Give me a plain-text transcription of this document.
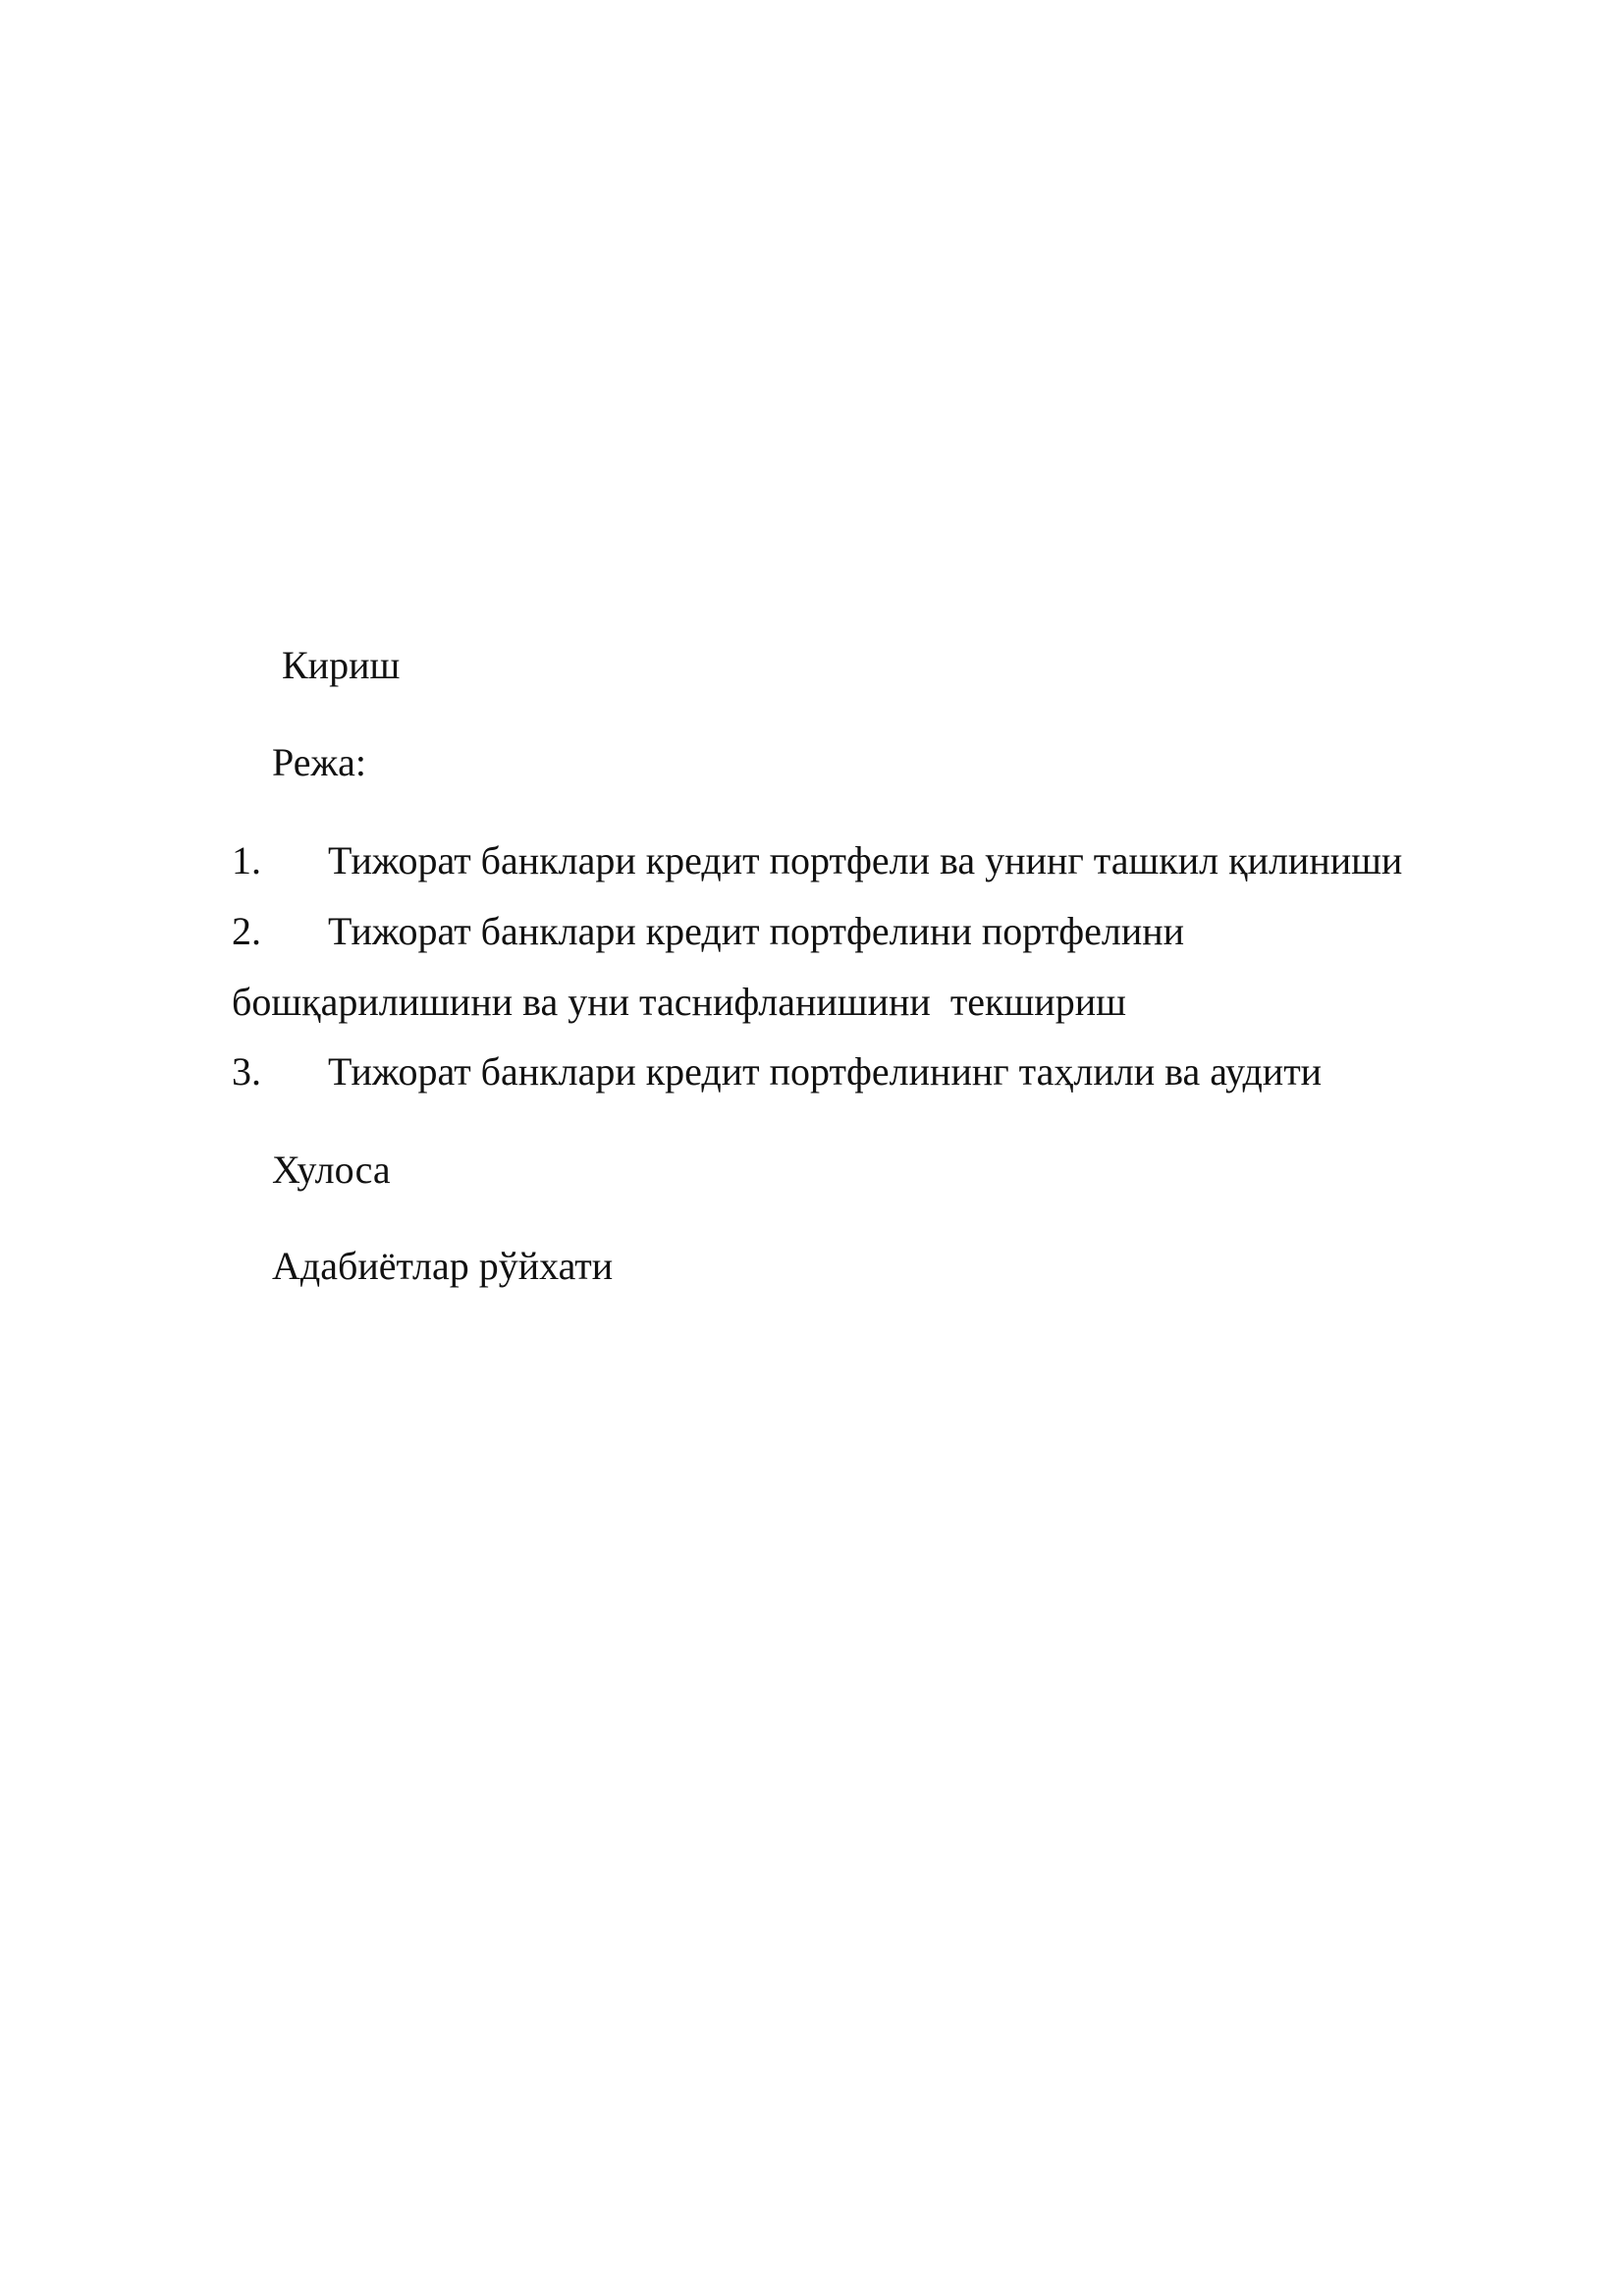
Кириш
Режа:
1. Тижорат банклари кредит портфели ва унинг ташкил қилиниши
2. Тижорат банклари кредит портфелини портфелини
бошқарилишини ва уни таснифланишини  текшириш
3. Тижорат банклари кредит портфелининг таҳлили ва аудити
Хулоса
Адабиётлар рўйхати
